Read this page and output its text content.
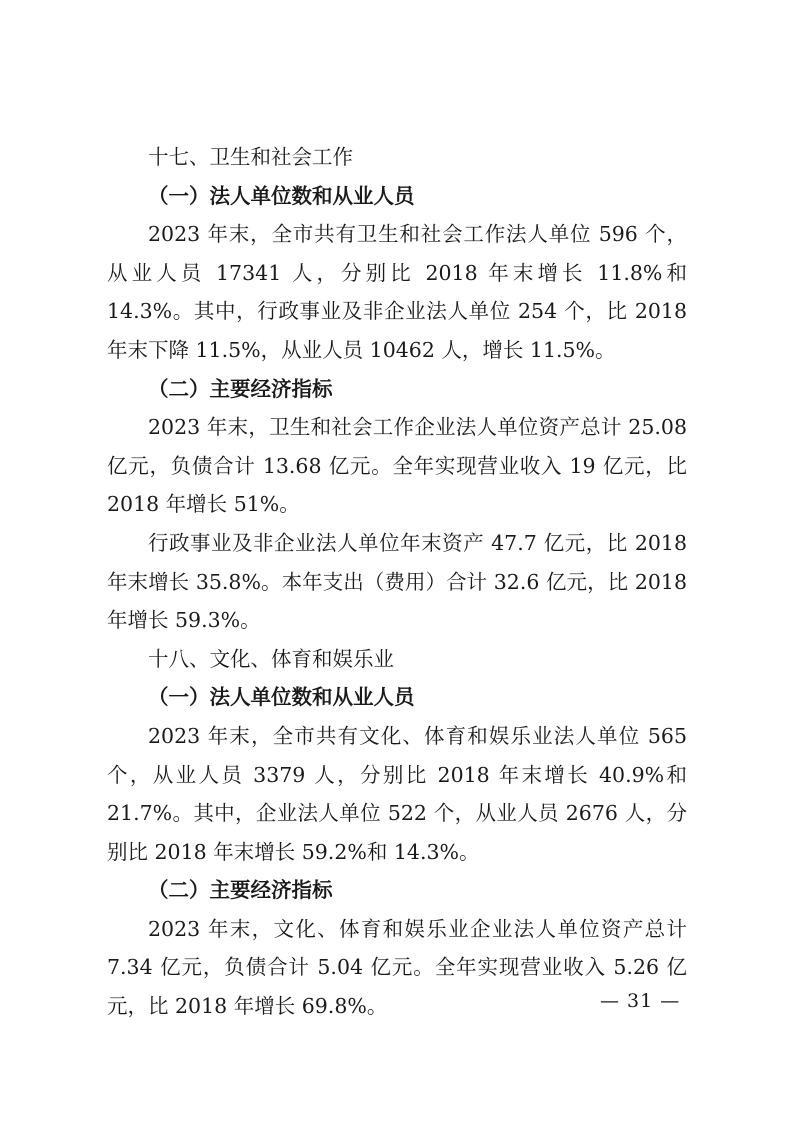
十七、卫生和社会工作

（一）法人单位数和从业人员

2023 年末，全市共有卫生和社会工作法人单位 596 个，从业人员 17341 人，分别比 2018 年末增长 11.8%和 14.3%。其中，行政事业及非企业法人单位 254 个，比 2018 年末下降 11.5%，从业人员 10462 人，增长 11.5%。

（二）主要经济指标

2023 年末，卫生和社会工作企业法人单位资产总计 25.08 亿元，负债合计 13.68 亿元。全年实现营业收入 19 亿元，比 2018 年增长 51%。

行政事业及非企业法人单位年末资产 47.7 亿元，比 2018 年末增长 35.8%。本年支出（费用）合计 32.6 亿元，比 2018 年增长 59.3%。

十八、文化、体育和娱乐业

（一）法人单位数和从业人员

2023 年末，全市共有文化、体育和娱乐业法人单位 565 个，从业人员 3379 人，分别比 2018 年末增长 40.9%和 21.7%。其中，企业法人单位 522 个，从业人员 2676 人，分别比 2018 年末增长 59.2%和 14.3%。

（二）主要经济指标

2023 年末，文化、体育和娱乐业企业法人单位资产总计 7.34 亿元，负债合计 5.04 亿元。全年实现营业收入 5.26 亿元，比 2018 年增长 69.8%。	— 31 —
